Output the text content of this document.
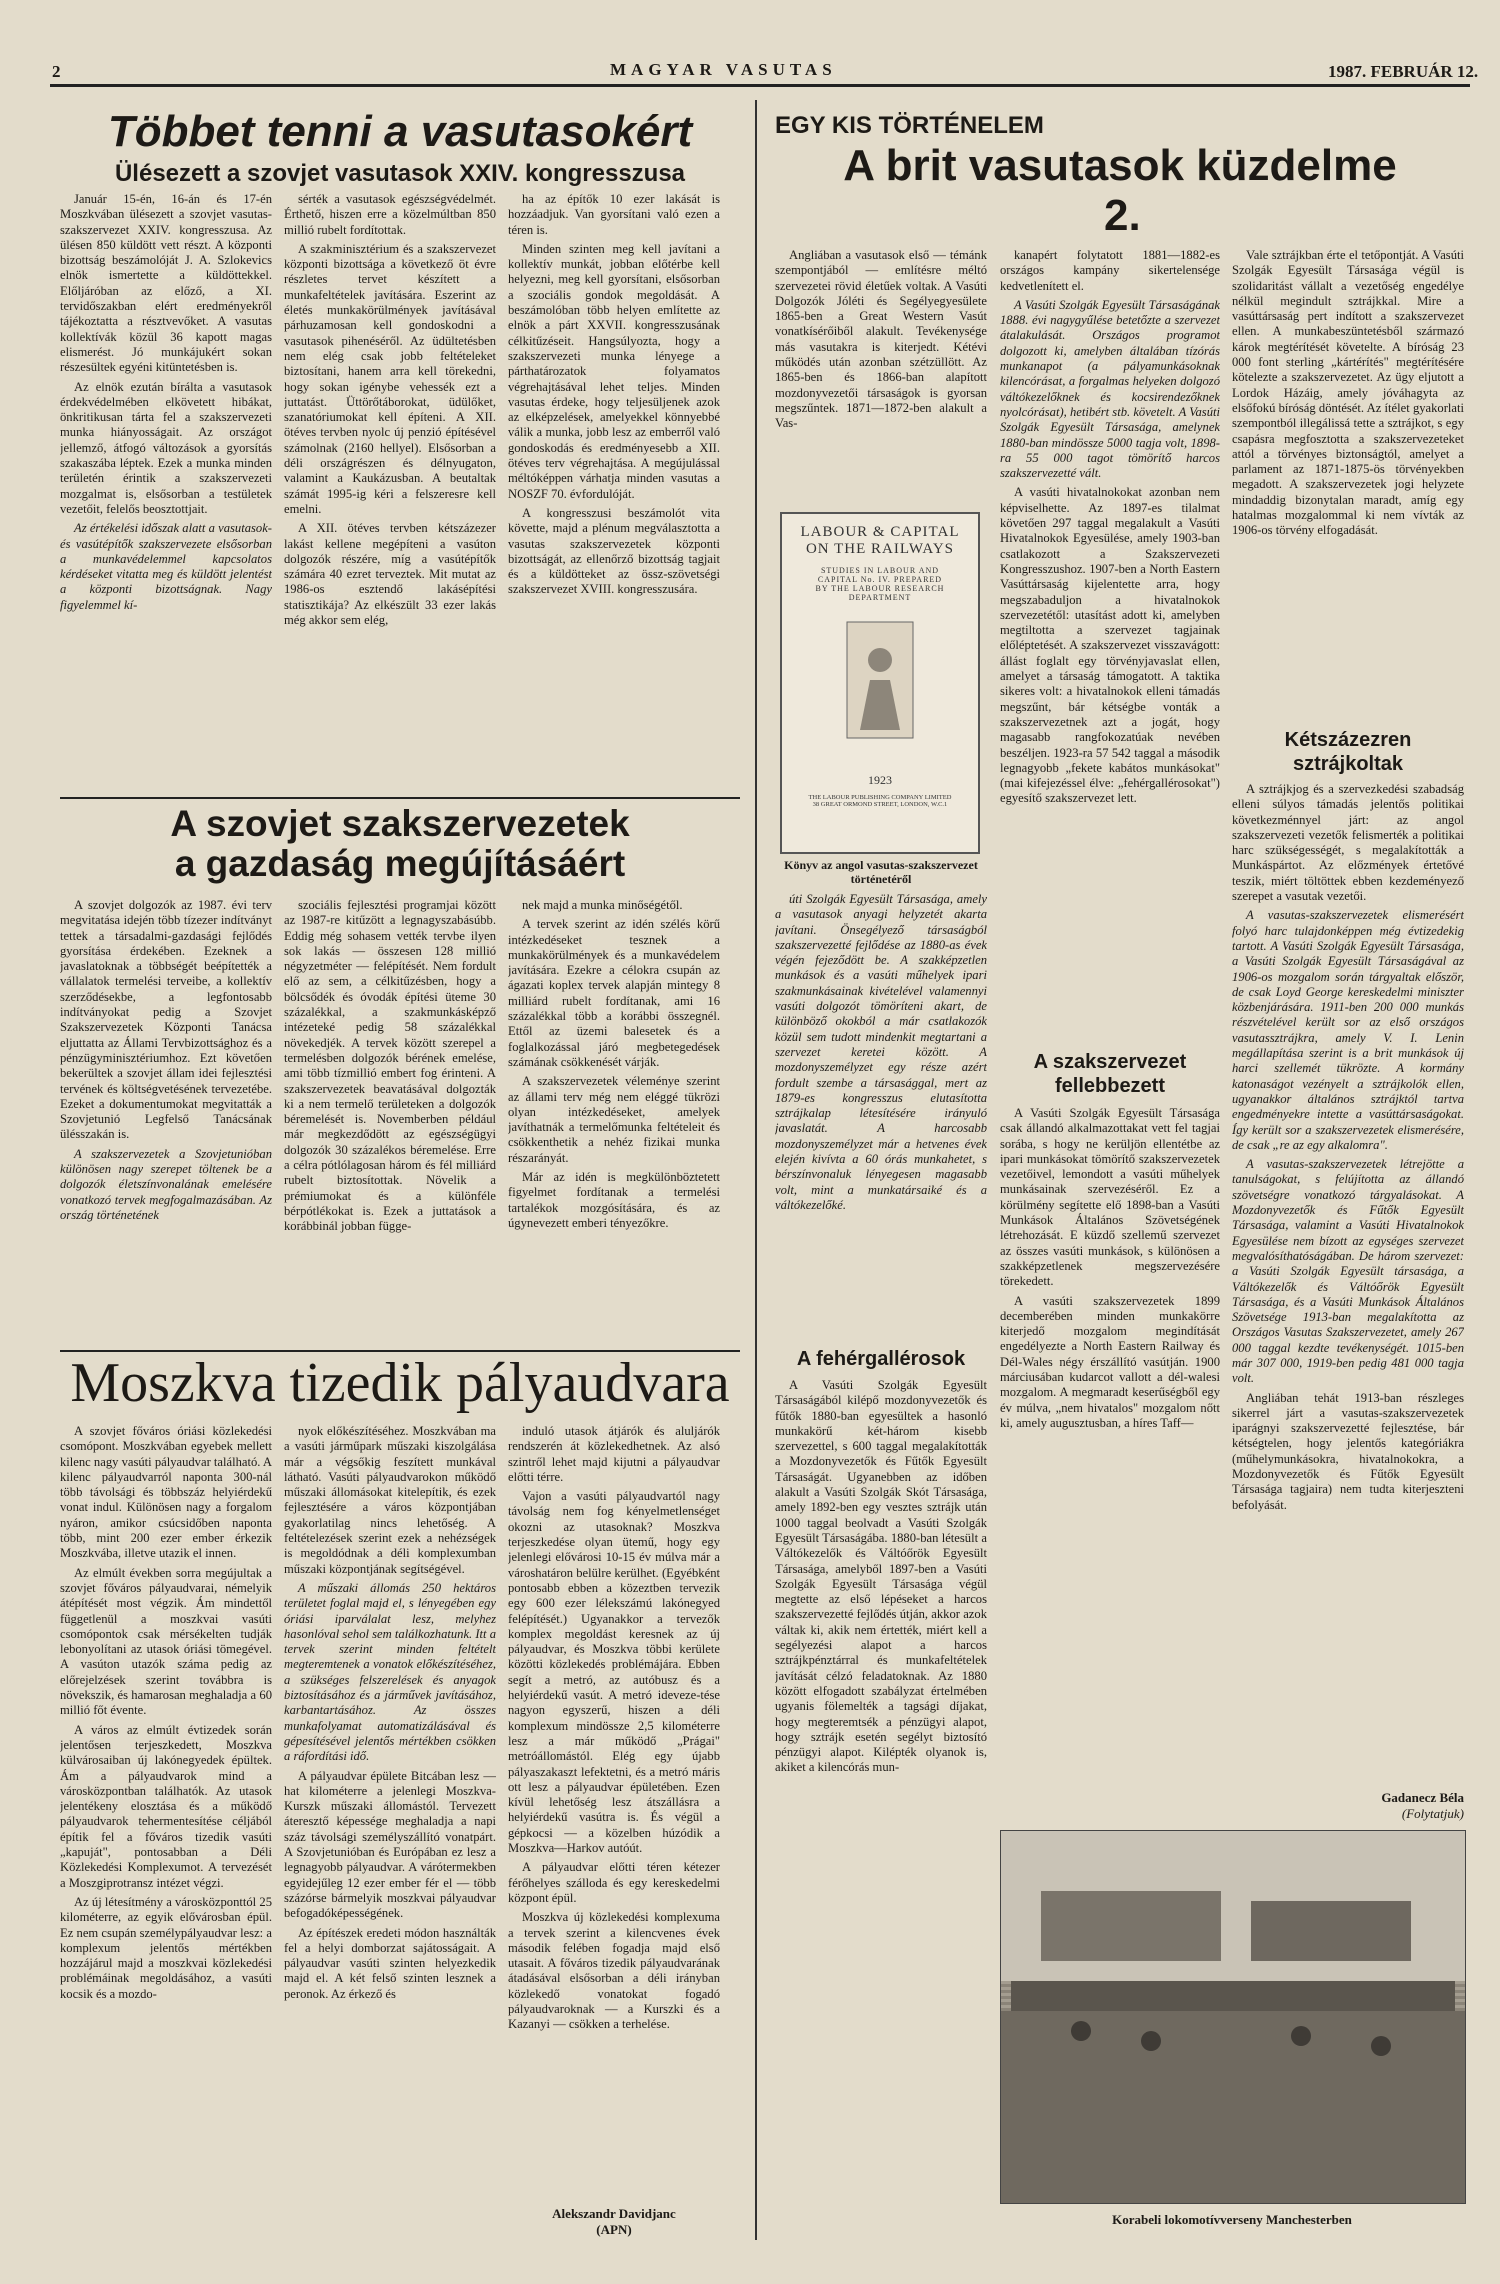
2	MAGYAR VASUTAS	1987. FEBRUÁR 12.
Többet tenni a vasutasokért
Ülésezett a szovjet vasutasok XXIV. kongresszusa

Január 15-én, 16-án és 17-én Moszkvában ülésezett a szovjet vasutas-szakszervezet XXIV. kongresszusa. Az ülésen 850 küldött vett részt. A központi bizottság beszámolóját J. A. Szlokevics elnök ismertette a küldöttekkel. Előljáróban az előző, a XI. tervidőszakban elért eredményekről tájékoztatta a résztvevőket. A vasutas kollektívák közül 36 kapott magas elismerést. Jó munkájukért sokan részesültek egyéni kitüntetésben is.

Az elnök ezután bírálta a vasutasok érdekvédelmében elkövetett hibákat, önkritikusan tárta fel a szakszervezeti munka hiányosságait. Az országot jellemző, átfogó változások a gyorsítás szakaszába léptek. Ezek a munka minden területén érintik a szakszervezeti mozgalmat is, elsősorban a testületek vezetőit, felelős beosztottjait.

Az értékelési időszak alatt a vasutasok- és vasútépítők szakszervezete elsősorban a munkavédelemmel kapcsolatos kérdéseket vitatta meg és küldött jelentést a központi bizottságnak. Nagy figyelemmel kí-

sérték a vasutasok egészségvédelmét. Érthető, hiszen erre a közelmúltban 850 millió rubelt fordítottak.

A szakminisztérium és a szakszervezet központi bizottsága a következő öt évre részletes tervet készített a munkafeltételek javítására. Eszerint az életés munkakörülmények javításával párhuzamosan kell gondoskodni a vasutasok pihenéséről. Az üdültetésben nem elég csak jobb feltételeket biztosítani, hanem arra kell törekedni, hogy sokan igénybe vehessék ezt a juttatást. Üttörőtáborokat, üdülőket, szanatóriumokat kell építeni. A XII. ötéves tervben nyolc új penzió építésével számolnak (2160 hellyel). Elsősorban a déli országrészen és délnyugaton, valamint a Kaukázusban. A beutaltak számát 1995-ig kéri a felszeresre kell emelni.

A XII. ötéves tervben kétszázezer lakást kellene megépíteni a vasúton dolgozók részére, míg a vasútépítők számára 40 ezret terveztek. Mit mutat az 1986-os esztendő lakásépítési statisztikája? Az elkészült 33 ezer lakás még akkor sem elég,

ha az építők 10 ezer lakását is hozzáadjuk. Van gyorsítani való ezen a téren is.

Minden szinten meg kell javítani a kollektív munkát, jobban előtérbe kell helyezni, meg kell gyorsítani, elsősorban a szociális gondok megoldását. A beszámolóban több helyen említette az elnök a párt XXVII. kongresszusának célkitűzéseit. Hangsúlyozta, hogy a szakszervezeti munka lényege a párthatározatok folyamatos végrehajtásával lehet teljes. Minden vasutas érdeke, hogy teljesüljenek azok az elképzelések, amelyekkel könnyebbé válik a munka, jobb lesz az emberről való gondoskodás és eredményesebb a XII. ötéves terv végrehajtása. A megújulással méltóképpen várhatja minden vasutas a NOSZF 70. évfordulóját.

A kongresszusi beszámolót vita követte, majd a plénum megválasztotta a vasutas szakszervezetek központi bizottságát, az ellenőrző bizottság tagjait és a küldötteket az össz-szövetségi szakszervezet XVIII. kongresszusára.

A szovjet szakszervezetek
a gazdaság megújításáért

A szovjet dolgozók az 1987. évi terv megvitatása idején több tízezer indítványt tettek a társadalmi-gazdasági fejlődés gyorsítása érdekében. Ezeknek a javaslatoknak a többségét beépítették a vállalatok termelési terveibe, a kollektív szerződésekbe, a legfontosabb indítványokat pedig a Szovjet Szakszervezetek Központi Tanácsa eljuttatta az Állami Tervbizottsághoz és a pénzügyminisztériumhoz. Ezt követően bekerültek a szovjet állam idei fejlesztési tervének és költségvetésének tervezetébe. Ezeket a dokumentumokat megvitatták a Szovjetunió Legfelső Tanácsának ülésszakán is.

A szakszervezetek a Szovjetunióban különösen nagy szerepet töltenek be a dolgozók életszínvonalának emelésére vonatkozó tervek megfogalmazásában. Az ország történetének

szociális fejlesztési programjai között az 1987-re kitűzött a legnagyszabásúbb. Eddig még sohasem vették tervbe ilyen sok lakás — összesen 128 millió négyzetméter — felépítését. Nem fordult elő az sem, a célkitűzésben, hogy a bölcsődék és óvodák építési üteme 30 százalékkal, a szakmunkásképző intézeteké pedig 58 százalékkal növekedjék. A tervek között szerepel a termelésben dolgozók bérének emelése, ami több tízmillió embert fog érinteni. A szakszervezetek beavatásával dolgozták ki a nem termelő területeken a dolgozók béremelését is. Novemberben például már megkezdődött az egészségügyi dolgozók 30 százalékos béremelése. Erre a célra pótlólagosan három és fél milliárd rubelt biztosítottak. Növelik a prémiumokat és a különféle bérpótlékokat is. Ezek a juttatások a korábbinál jobban függe-

nek majd a munka minőségétől.

A tervek szerint az idén szélés körű intézkedéseket tesznek a munkakörülmények és a munkavédelem javítására. Ezekre a célokra csupán az ágazati koplex tervek alapján mintegy 8 milliárd rubelt fordítanak, ami 16 százalékkal több a korábbi összegnél. Ettől az üzemi balesetek és a foglalkozással járó megbetegedések számának csökkenését várják.

A szakszervezetek véleménye szerint az állami terv még nem eléggé tükrözi olyan intézkedéseket, amelyek javíthatnák a termelőmunka feltételeit és csökkenthetik a nehéz fizikai munka részarányát.

Már az idén is megkülönböztetett figyelmet fordítanak a termelési tartalékok mozgósítására, és az úgynevezett emberi tényezőkre.

Moszkva tizedik pályaudvara

A szovjet főváros óriási közlekedési csomópont. Moszkvában egyebek mellett kilenc nagy vasúti pályaudvar található. A kilenc pályaudvarról naponta 300-nál több távolsági és többszáz helyiérdekű vonat indul. Különösen nagy a forgalom nyáron, amikor csúcsidőben naponta több, mint 200 ezer ember érkezik Moszkvába, illetve utazik el innen.

Az elmúlt években sorra megújultak a szovjet főváros pályaudvarai, némelyik átépítését most végzik. Ám mindettől függetlenül a moszkvai vasúti csomópontok csak mérsékelten tudják lebonyolítani az utasok óriási tömegével. A vasúton utazók száma pedig az előrejelzések szerint továbbra is növekszik, és hamarosan meghaladja a 60 millió főt évente.

A város az elmúlt évtizedek során jelentősen terjeszkedett, Moszkva külvárosaiban új lakónegyedek épültek. Ám a pályaudvarok mind a városközpontban találhatók. Az utasok jelentékeny elosztása és a működő pályaudvarok tehermentesítése céljából építik fel a főváros tizedik vasúti „kapuját", pontosabban a Déli Közlekedési Komplexumot. A tervezését a Moszgiprotransz intézet végzi.

Az új létesítmény a városközponttól 25 kilométerre, az egyik elővárosban épül. Ez nem csupán személypályaudvar lesz: a komplexum jelentős mértékben hozzájárul majd a moszkvai közlekedési problémáinak megoldásához, a vasúti kocsik és a mozdo-

nyok előkészítéséhez. Moszkvában ma a vasúti járműpark műszaki kiszolgálása már a végsőkig feszített munkával látható. Vasúti pályaudvarokon működő műszaki állomásokat kitelepítik, és ezek fejlesztésére a város központjában gyakorlatilag nincs lehetőség. A feltételezések szerint ezek a nehézségek is megoldódnak a déli komplexumban műszaki központjának segítségével.

A műszaki állomás 250 hektáros területet foglal majd el, s lényegében egy óriási iparválalat lesz, melyhez hasonlóval sehol sem találkozhatunk. Itt a tervek szerint minden feltételt megteremtenek a vonatok előkészítéséhez, a szükséges felszerelések és anyagok biztosításához és a járművek javításához, karbantartásához. Az összes munkafolyamat automatizálásával és gépesítésével jelentős mértékben csökken a ráfordítási idő.

A pályaudvar épülete Bitcában lesz — hat kilométerre a jelenlegi Moszkva-Kurszk műszaki állomástól. Tervezett áteresztő képessége meghaladja a napi száz távolsági személyszállító vonatpárt. A Szovjetunióban és Európában ez lesz a legnagyobb pályaudvar. A várótermekben egyidejűleg 12 ezer ember fér el — több százórse bármelyik moszkvai pályaudvar befogadóképességének.

Az építészek eredeti módon használták fel a helyi domborzat sajátosságait. A pályaudvar vasúti szinten helyezkedik majd el. A két felső szinten lesznek a peronok. Az érkező és

induló utasok átjárók és aluljárók rendszerén át közlekedhetnek. Az alsó szintről lehet majd kijutni a pályaudvar előtti térre.

Vajon a vasúti pályaudvartól nagy távolság nem fog kényelmetlenséget okozni az utasoknak? Moszkva terjeszkedése olyan ütemű, hogy egy jelenlegi elővárosi 10-15 év múlva már a városhatáron belülre kerülhet. (Egyébként pontosabb ebben a közeztben tervezik egy 600 ezer lélekszámú lakónegyed felépítését.) Ugyanakkor a tervezők komplex megoldást keresnek az új pályaudvar, és Moszkva többi kerülete közötti közlekedés problémájára. Ebben segít a metró, az autóbusz és a helyiérdekű vasút. A metró ideveze-tése nagyon egyszerű, hiszen a déli komplexum mindössze 2,5 kilométerre lesz a már működő „Prágai" metróállomástól. Elég egy újabb pályaszakaszt lefektetni, és a metró máris ott lesz a pályaudvar épületében. Ezen kívül lehetőség lesz átszállásra a helyiérdekű vasútra is. És végül a gépkocsi — a közelben húzódik a Moszkva—Harkov autóút.

A pályaudvar előtti téren kétezer férőhelyes szálloda és egy kereskedelmi központ épül.

Moszkva új közlekedési komplexuma a tervek szerint a kilencvenes évek második felében fogadja majd első utasait. A főváros tizedik pályaudvarának átadásával elsősorban a déli irányban közlekedő vonatokat fogadó pályaudvaroknak — a Kurszki és a Kazanyi — csökken a terhelése.

Alekszandr Davidjanc
(APN)
EGY KIS TÖRTÉNELEM
A brit vasutasok küzdelme
2.

Angliában a vasutasok első — témánk szempontjából — említésre méltó szervezetei rövid életűek voltak. A Vasúti Dolgozók Jóléti és Segélyegyesülete 1865-ben a Great Western Vasút vonatkísérőiből alakult. Tevékenysége más vasutakra is kiterjedt. Kétévi működés után azonban szétzüllött. Az 1865-ben és 1866-ban alapított mozdonyvezetői társaságok is gyorsan megszűntek. 1871—1872-ben alakult a Vas-

LABOUR & CAPITAL
ON THE RAILWAYS
STUDIES IN LABOUR AND
CAPITAL No. IV. PREPARED
BY THE LABOUR RESEARCH
DEPARTMENT
1923
THE LABOUR PUBLISHING COMPANY LIMITED
38 GREAT ORMOND STREET, LONDON, W.C.1
Könyv az angol vasutas-szakszervezet történetéről

úti Szolgák Egyesült Társasága, amely a vasutasok anyagi helyzetét akarta javítani. Önsegélyező társaságból szakszervezetté fejlődése az 1880-as évek végén fejeződött be. A szakképzetlen munkások és a vasúti műhelyek ipari szakmunkásainak kivételével valamennyi vasúti dolgozót tömöríteni akart, de különböző okokból a már csatlakozók közül sem tudott mindenkit megtartani a szervezet keretei között. A mozdonyszemélyzet egy része azért fordult szembe a társasággal, mert az 1879-es kongresszus elutasította sztrájkalap létesítésére irányuló javaslatát. A harcosabb mozdonyszemélyzet már a hetvenes évek elején kivívta a 60 órás munkahetet, s bérszínvonaluk lényegesen magasabb volt, mint a munkatársaiké és a váltókezelőké.

A fehérgallérosok

A Vasúti Szolgák Egyesült Társaságából kilépő mozdonyvezetők és fűtők 1880-ban egyesültek a hasonló munkakörű két-három kisebb szervezettel, s 600 taggal megalakították a Mozdonyvezetők és Fűtők Egyesült Társaságát. Ugyanebben az időben alakult a Vasúti Szolgák Skót Társasága, amely 1892-ben egy vesztes sztrájk után 1000 taggal beolvadt a Vasúti Szolgák Egyesült Társaságába. 1880-ban létesült a Váltókezelők és Váltóőrök Egyesült Társasága, amelyből 1897-ben a Vasúti Szolgák Egyesült Társasága végül megtette az első lépéseket a harcos szakszervezetté fejlődés útján, akkor azok váltak ki, akik nem értették, miért kell a segélyezési alapot a harcos sztrájkpénztárral és munkafeltételek javítását célzó feladatoknak. Az 1880 között elfogadott szabályzat értelmében ugyanis fölemelték a tagsági díjakat, hogy megteremtsék a pénzügyi alapot, hogy sztrájk esetén segélyt biztosító pénzügyi alapot. Kilépték olyanok is, akiket a kilencórás mun-

kanapért folytatott 1881—1882-es országos kampány sikertelensége kedvetlenített el.

A Vasúti Szolgák Egyesült Társaságának 1888. évi nagygyűlése betetőzte a szervezet átalakulását. Országos programot dolgozott ki, amelyben általában tízórás munkanapot (a pályamunkásoknak kilencórásat, a forgalmas helyeken dolgozó váltókezelőknek és kocsirendezőknek nyolcórásat), hetibért stb. követelt. A Vasúti Szolgák Egyesült Társasága, amelynek 1880-ban mindössze 5000 tagja volt, 1898-ra 55 000 tagot tömörítő harcos szakszervezetté vált.

A vasúti hivatalnokokat azonban nem képviselhette. Az 1897-es tilalmat követően 297 taggal megalakult a Vasúti Hivatalnokok Egyesülése, amely 1903-ban csatlakozott a Szakszervezeti Kongresszushoz. 1907-ben a North Eastern Vasúttársaság kijelentette arra, hogy megszabaduljon a hivatalnokok szervezetétől: utasítást adott ki, amelyben megtiltotta a szervezet tagjainak előléptetését. A szakszervezet visszavágott: állást foglalt egy törvényjavaslat ellen, amelyet a társaság támogatott. A taktika sikeres volt: a hivatalnokok elleni támadás megszűnt, bár kétségbe vonták a szakszervezetnek azt a jogát, hogy magasabb rangfokozatúak nevében beszéljen. 1923-ra 57 542 taggal a második legnagyobb „fekete kabátos munkásokat" (mai kifejezéssel élve: „fehérgallérosokat") egyesítő szakszervezet lett.

A szakszervezet
fellebbezett

A Vasúti Szolgák Egyesült Társasága csak állandó alkalmazottakat vett fel tagjai sorába, s hogy ne kerüljön ellentétbe az ipari munkásokat tömörítő szakszervezetek vezetőivel, lemondott a vasúti műhelyek munkásainak szervezéséről. Ez a körülmény segítette elő 1898-ban a Vasúti Munkások Általános Szövetségének létrehozását. E küzdő szellemű szervezet az összes vasúti munkások, s különösen a szakképzetlenek megszervezésére törekedett.

A vasúti szakszervezetek 1899 decemberében minden munkakörre kiterjedő mozgalom megindítását engedélyezte a North Eastern Railway és Dél-Wales négy érszállító vasútján. 1900 márciusában kudarcot vallott a dél-walesi mozgalom. A megmaradt keserűségből egy év múlva, „nem hivatalos" mozgalom nőtt ki, amely augusztusban, a híres Taff—

Vale sztrájkban érte el tetőpontját. A Vasúti Szolgák Egyesült Társasága végül is szolidaritást vállalt a vezetőség engedélye nélkül megindult sztrájkkal. Mire a vasúttársaság pert indított a szakszervezet ellen. A munkabeszüntetésből származó károk megtérítését követelte. A bíróság 23 000 font sterling „kártérítés" megtérítésére kötelezte a szakszervezetet. Az ügy eljutott a Lordok Házáig, amely jóváhagyta az elsőfokú bíróság döntését. Az ítélet gyakorlati szempontból illegálissá tette a sztrájkot, s egy csapásra megfosztotta a szakszervezeteket attól a törvényes biztonságtól, amelyet a parlament az 1871-1875-ös törvényekben megadott. A szakszervezetek jogi helyzete mindaddig bizonytalan maradt, amíg egy hatalmas mozgalommal ki nem vívták az 1906-os törvény elfogadását.

Kétszázezren
sztrájkoltak

A sztrájkjog és a szervezkedési szabadság elleni súlyos támadás jelentős politikai következménnyel járt: az angol szakszervezeti vezetők felismerték a politikai harc szükségességét, s megalakították a Munkáspártot. Az előzmények értetővé teszik, miért töltöttek ebben kezdeményező szerepet a vasutak vezetői.

A vasutas-szakszervezetek elismerésért folyó harc tulajdonképpen még évtizedekig tartott. A Vasúti Szolgák Egyesült Társasága, a Vasúti Szolgák Egyesült Társaságával az 1906-os mozgalom során tárgyaltak először, de csak Loyd George kereskedelmi miniszter közbenjárására. 1911-ben 200 000 munkás részvételével került sor az első országos vasutassztrájkra, amely V. I. Lenin megállapítása szerint is a brit munkások új harci szellemét tükrözte. A kormány katonaságot vezényelt a sztrájkolók ellen, ugyanakkor általános sztrájktól tartva engedményekre intette a vasúttársaságokat. Így került sor a szakszervezetek elismerésére, de csak „re az egy alkalomra".

A vasutas-szakszervezetek létrejötte a tanulságokat, s felújította az állandó szövetségre vonatkozó tárgyalásokat. A Mozdonyvezetők és Fűtők Egyesült Társasága, valamint a Vasúti Hivatalnokok Egyesülése nem bízott az egységes szervezet megvalósíthatóságában. De három szervezet: a Vasúti Szolgák Egyesült társasága, a Váltókezelők és Váltóőrök Egyesült Társasága, és a Vasúti Munkások Általános Szövetsége 1913-ban megalakította az Országos Vasutas Szakszervezetet, amely 267 000 taggal kezdte tevékenységét. 1015-ben már 307 000, 1919-ben pedig 481 000 tagja volt.

Angliában tehát 1913-ban részleges sikerrel járt a vasutas-szakszervezetek iparágnyi szakszervezetté fejlesztése, bár kétségtelen, hogy jelentős kategóriákra (műhelymunkásokra, hivatalnokokra, a Mozdonyvezetők és Fűtők Egyesült Társasága tagjaira) nem tudta kiterjeszteni befolyását.

Gadanecz Béla
(Folytatjuk)
Korabeli lokomotívverseny Manchesterben
